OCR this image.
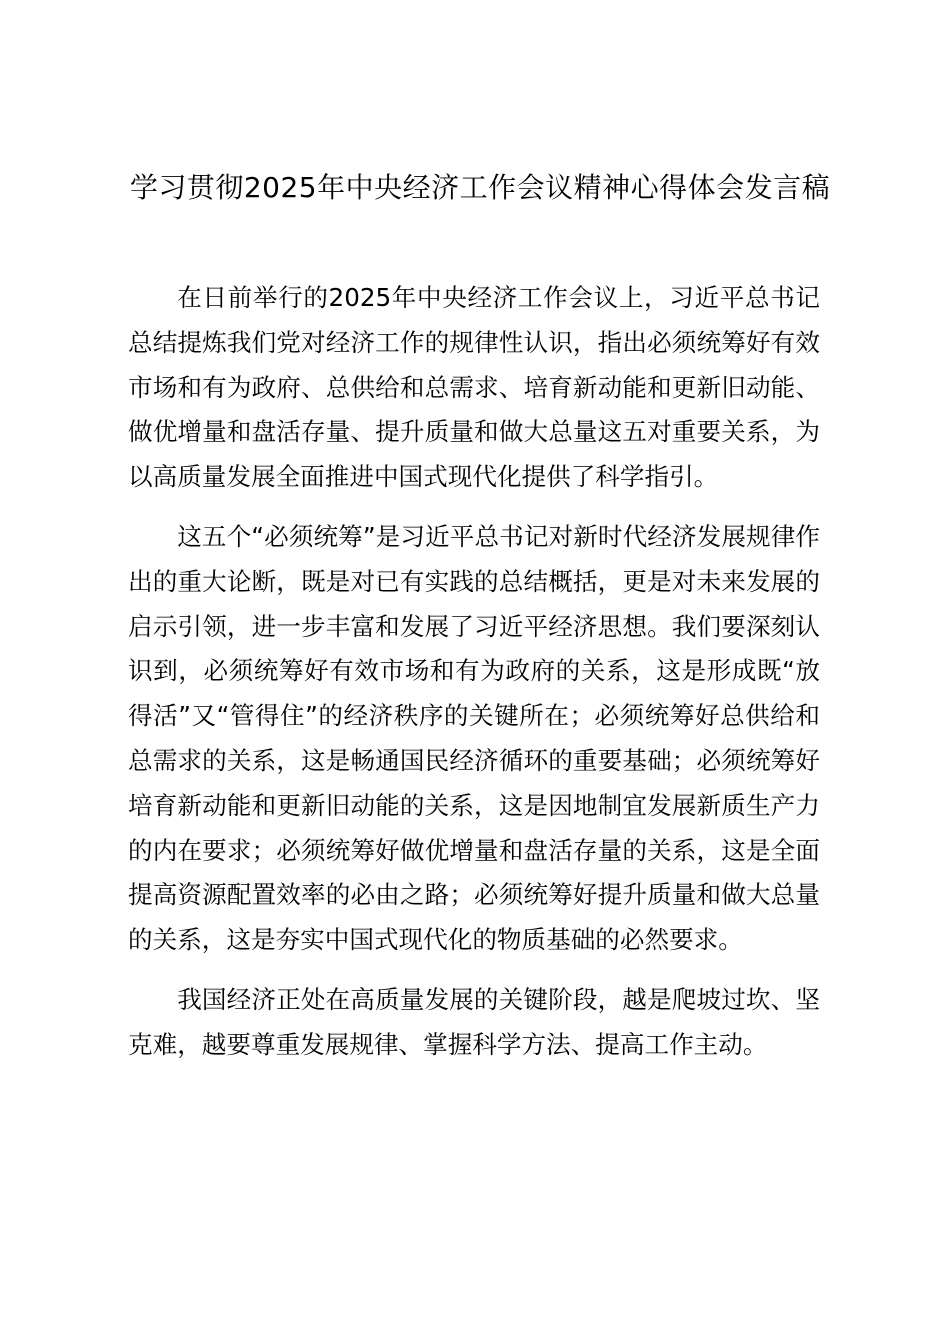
学习贯彻2025年中央经济工作会议精神心得体会发言稿

在日前举行的2025年中央经济工作会议上，习近平总书记总结提炼我们党对经济工作的规律性认识，指出必须统筹好有效市场和有为政府、总供给和总需求、培育新动能和更新旧动能、做优增量和盘活存量、提升质量和做大总量这五对重要关系，为以高质量发展全面推进中国式现代化提供了科学指引。

这五个“必须统筹”是习近平总书记对新时代经济发展规律作出的重大论断，既是对已有实践的总结概括，更是对未来发展的启示引领，进一步丰富和发展了习近平经济思想。我们要深刻认识到，必须统筹好有效市场和有为政府的关系，这是形成既“放得活”又“管得住”的经济秩序的关键所在；必须统筹好总供给和总需求的关系，这是畅通国民经济循环的重要基础；必须统筹好培育新动能和更新旧动能的关系，这是因地制宜发展新质生产力的内在要求；必须统筹好做优增量和盘活存量的关系，这是全面提高资源配置效率的必由之路；必须统筹好提升质量和做大总量的关系，这是夯实中国式现代化的物质基础的必然要求。

我国经济正处在高质量发展的关键阶段，越是爬坡过坎、坚克难，越要尊重发展规律、掌握科学方法、提高工作主动。
